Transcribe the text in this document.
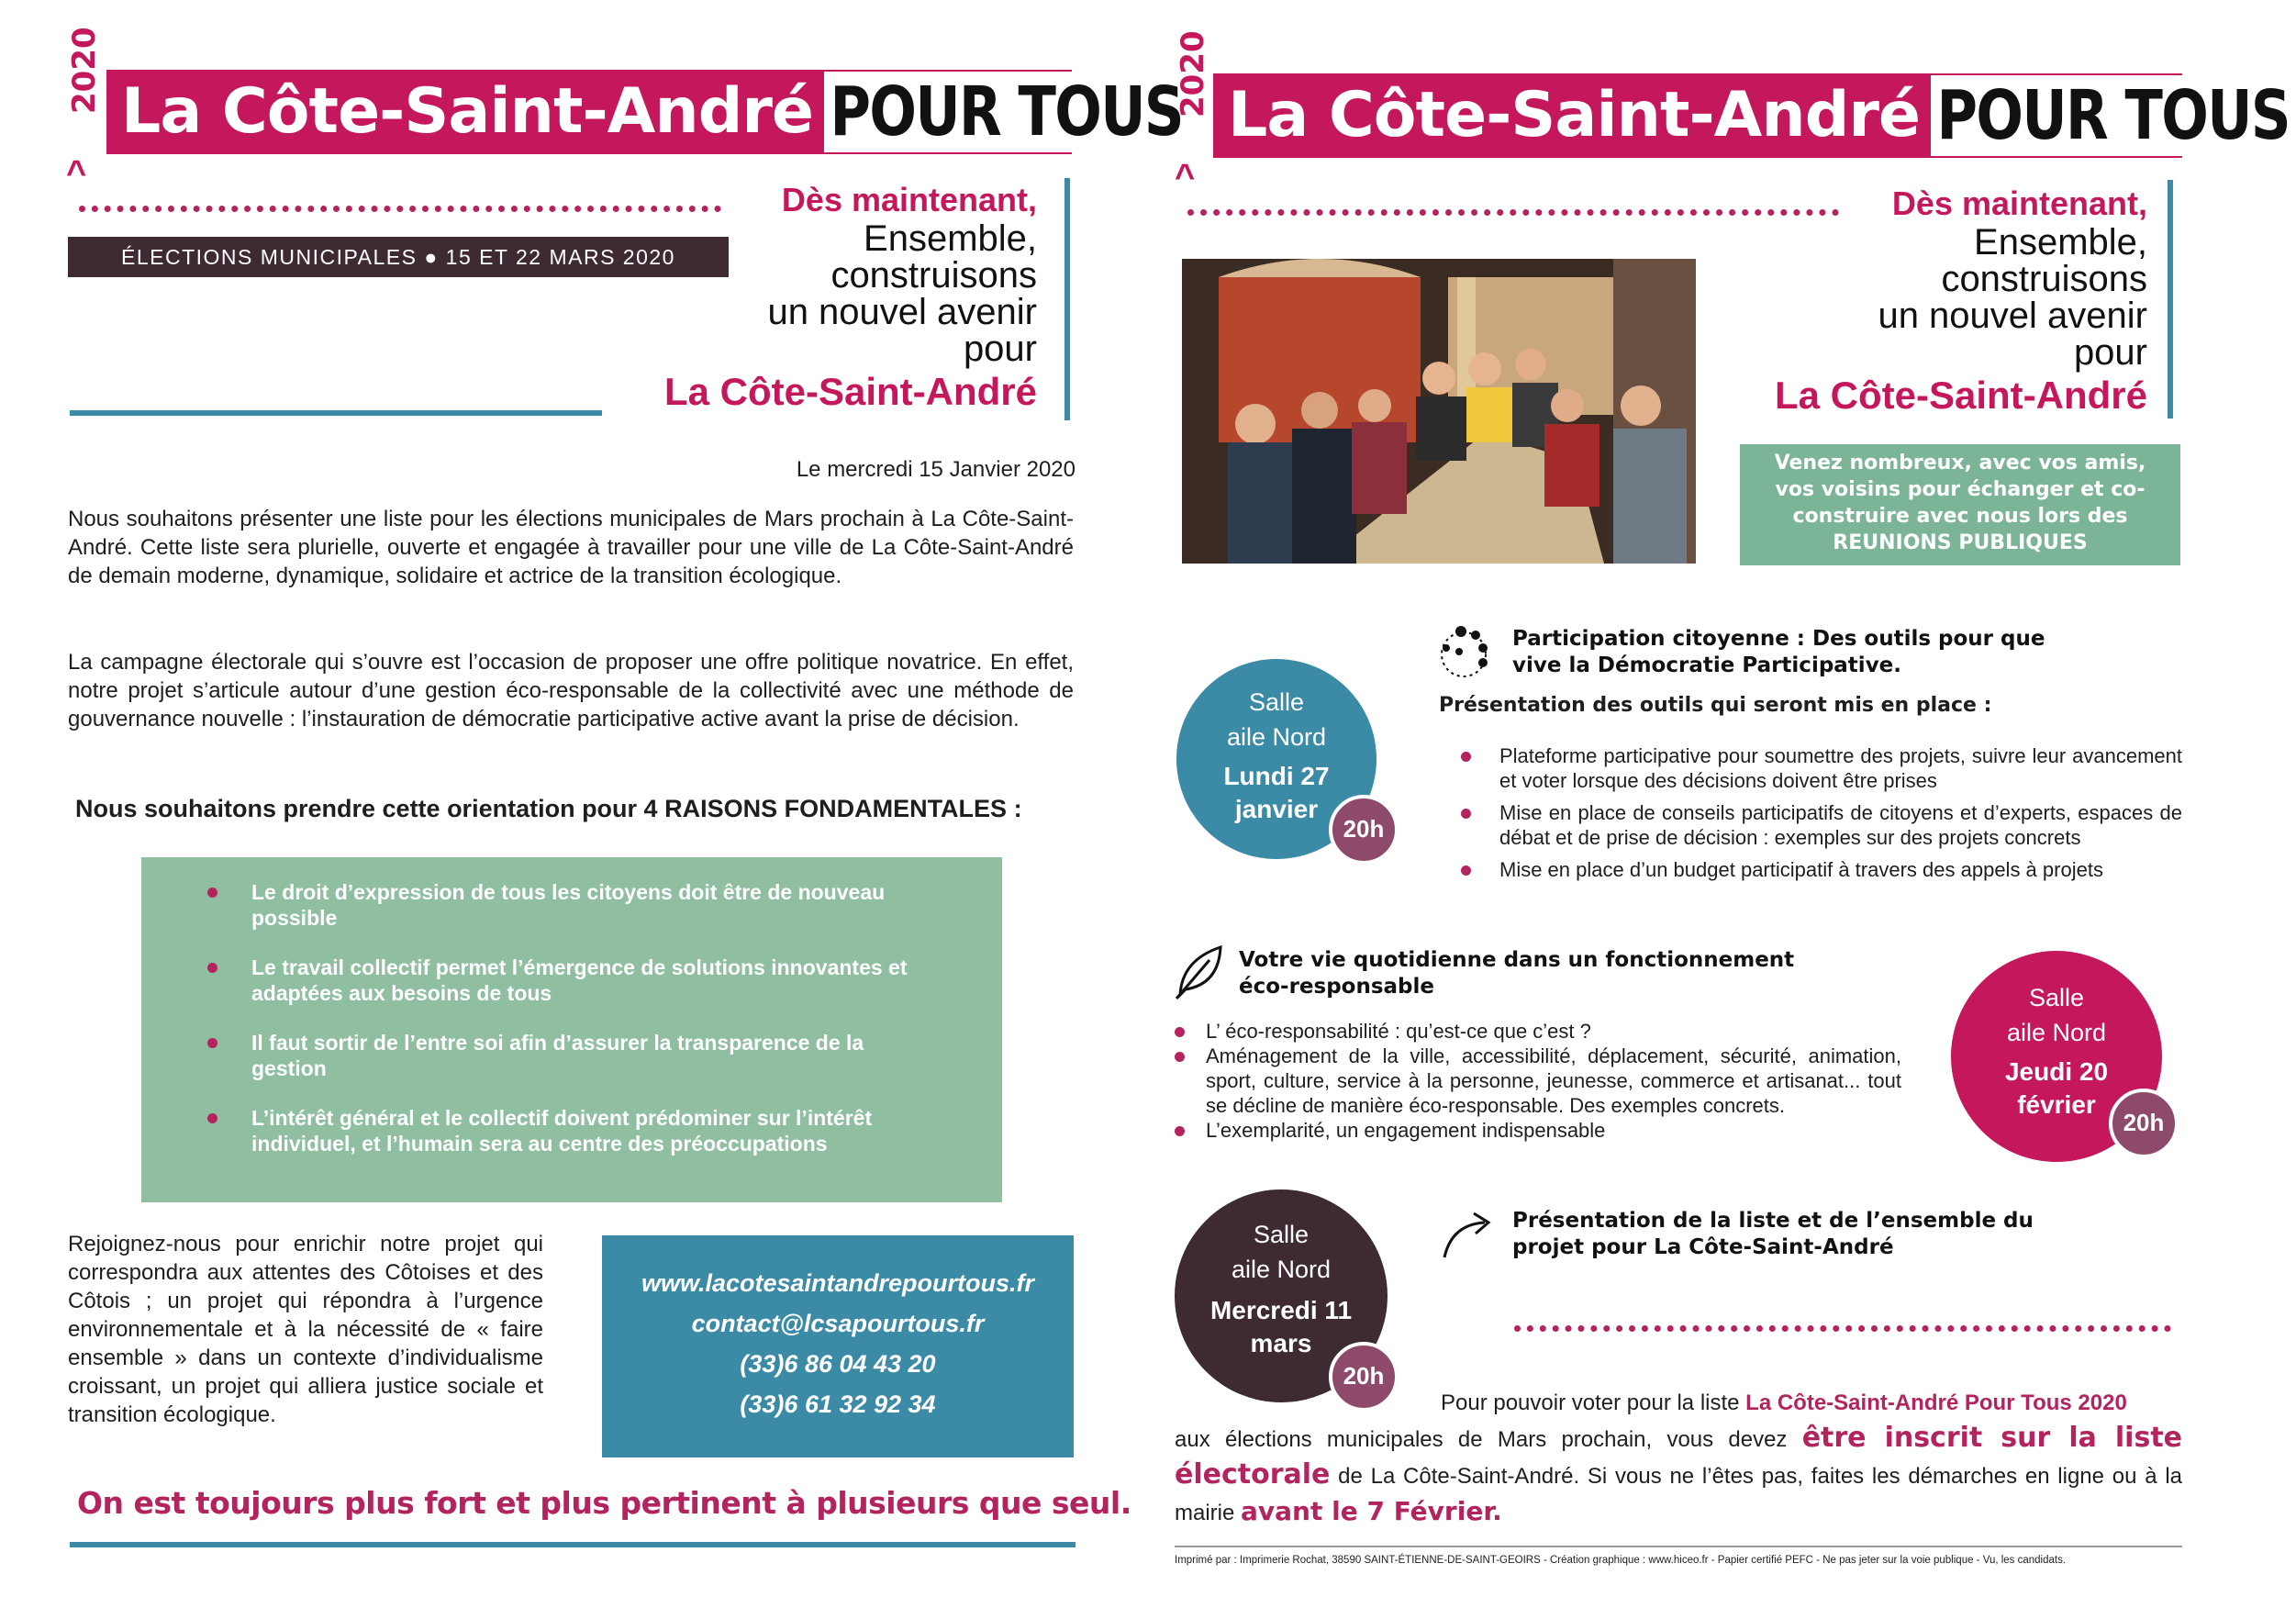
2020
^
La Côte-Saint-André POUR TOUS
ÉLECTIONS MUNICIPALES ● 15 ET 22 MARS 2020
Dès maintenant,
Ensemble,
construisons
un nouvel avenir
pour
La Côte-Saint-André
Le mercredi 15 Janvier 2020
Nous souhaitons présenter une liste pour les élections municipales de Mars prochain à La Côte-Saint-André. Cette liste sera plurielle, ouverte et engagée à travailler pour une ville de La Côte-Saint-André de demain moderne, dynamique, solidaire et actrice de la transition écologique.
La campagne électorale qui s’ouvre est l’occasion de proposer une offre politique novatrice. En effet, notre projet s’articule autour d’une gestion éco-responsable de la collectivité avec une méthode de gouvernance nouvelle : l’instauration de démocratie participative active avant la prise de décision.
Nous souhaitons prendre cette orientation pour 4 RAISONS FONDAMENTALES :
Le droit d’expression de tous les citoyens doit être de nouveau possible
Le travail collectif permet l’émergence de solutions innovantes et adaptées aux besoins de tous
Il faut sortir de l’entre soi afin d’assurer la transparence de la gestion
L’intérêt général et le collectif doivent prédominer sur l’intérêt individuel, et l’humain sera au centre des préoccupations
Rejoignez-nous pour enrichir notre projet qui correspondra aux attentes des Côtoises et des Côtois ; un projet qui répondra à l’urgence environnementale et à la nécessité de « faire ensemble » dans un contexte d’individualisme croissant, un projet qui alliera justice sociale et transition écologique.
www.lacotesaintandrepourtous.fr
contact@lcsapourtous.fr
(33)6 86 04 43 20
(33)6 61 32 92 34
On est toujours plus fort et plus pertinent à plusieurs que seul.
2020
^
La Côte-Saint-André POUR TOUS
Dès maintenant,
Ensemble,
construisons
un nouvel avenir
pour
La Côte-Saint-André
Venez nombreux, avec vos amis,
vos voisins pour échanger et co-
construire avec nous lors des
REUNIONS PUBLIQUES
Salle
aile Nord
Lundi 27
janvier
20h
Participation citoyenne : Des outils pour que
vive la Démocratie Participative.
Présentation des outils qui seront mis en place :
Plateforme participative pour soumettre des projets, suivre leur avancement et voter lorsque des décisions doivent être prises
Mise en place de conseils participatifs de citoyens et d’experts, espaces de débat et de prise de décision : exemples sur des projets concrets
Mise en place d’un budget participatif à travers des appels à projets
Votre vie quotidienne dans un fonctionnement
éco-responsable
L’ éco-responsabilité : qu’est-ce que c’est ?
Aménagement de la ville, accessibilité, déplacement, sécurité, animation, sport, culture, service à la personne, jeunesse, commerce et artisanat... tout se décline de manière éco-responsable. Des exemples concrets.
L’exemplarité, un engagement indispensable
Salle
aile Nord
Jeudi 20
février
20h
Salle
aile Nord
Mercredi 11
mars
20h
Présentation de la liste et de l’ensemble du
projet pour La Côte-Saint-André
Pour pouvoir voter pour la liste La Côte-Saint-André Pour Tous 2020
aux élections municipales de Mars prochain, vous devez être inscrit sur la liste électorale de La Côte-Saint-André. Si vous ne l’êtes pas, faites les démarches en ligne ou à la mairie avant le 7 Février.
Imprimé par : Imprimerie Rochat, 38590 SAINT-ÉTIENNE-DE-SAINT-GEOIRS - Création graphique : www.hiceo.fr - Papier certifié PEFC - Ne pas jeter sur la voie publique - Vu, les candidats.
